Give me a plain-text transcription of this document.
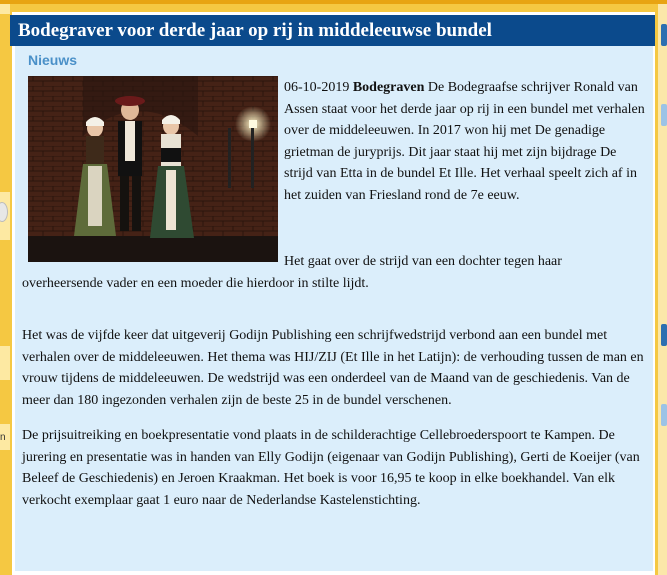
n
Bodegraver voor derde jaar op rij in middeleeuwse bundel
Nieuws
06-10-2019 Bodegraven De Bodegraafse schrijver Ronald van Assen staat voor het derde jaar op rij in een bundel met verhalen over de middeleeuwen. In 2017 won hij met De genadige grietman de juryprijs. Dit jaar staat hij met zijn bijdrage De strijd van Etta in de bundel Et Ille. Het verhaal speelt zich af in het zuiden van Friesland rond de 7e eeuw.
Het gaat over de strijd van een dochter tegen haar overheersende vader en een moeder die hierdoor in stilte lijdt.
Het was de vijfde keer dat uitgeverij Godijn Publishing een schrijfwedstrijd verbond aan een bundel met verhalen over de middeleeuwen. Het thema was HIJ/ZIJ (Et Ille in het Latijn): de verhouding tussen de man en vrouw tijdens de middeleeuwen. De wedstrijd was een onderdeel van de Maand van de geschiedenis. Van de meer dan 180 ingezonden verhalen zijn de beste 25 in de bundel verschenen.
De prijsuitreiking en boekpresentatie vond plaats in de schilderachtige Cellebroederspoort te Kampen. De jurering en presentatie was in handen van Elly Godijn (eigenaar van Godijn Publishing), Gerti de Koeijer (van Beleef de Geschiedenis) en Jeroen Kraakman. Het boek is voor 16,95 te koop in elke boekhandel. Van elk verkocht exemplaar gaat 1 euro naar de Nederlandse Kastelenstichting.
